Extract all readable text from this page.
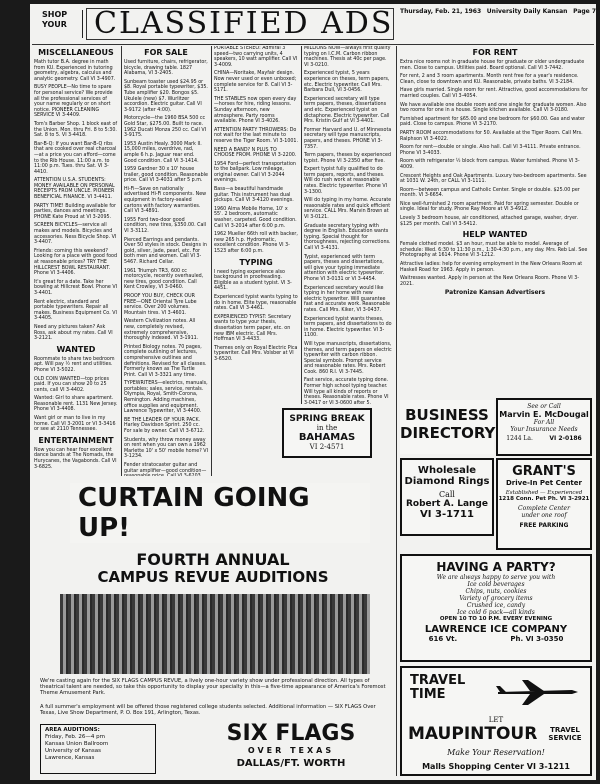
SHOP
YOUR CLASSIFIED ADS Thursday, Feb. 21, 1963 University Daily Kansan Page 7
MISCELLANEOUS

Math tutor B.A. degree in math from KU. Experienced in tutoring geometry, algebra, calculus and analytic geometry. Call VI 3-4907.

BUSY PEOPLE—No time to spare for personal service? We provide all the professional services of your name regularly or on short notice. PIONEER CLEANING SERVICE VI 3-4409.

Tom's Barber Shop. 1 block east of the Union. Mon. thru Fri. 8 to 5:30. Sat. 8 to 5. VI 3-4418.

Bar-B-Q: If you want Bar-B-Q ribs that are cooked over real charcoal—at a price you can afford—come to the Rib House. 11:00 a.m. to 11:00 p.m. Tues. thru Sat. VI 3-4410.

ATTENTION U.S.A. STUDENTS: MONEY AVAILABLE ON PERSONAL RECEIPTS FROM UNCLE. PIONEER BENEFICIAL FINANCE. VI 3-4411.

PARTY TIME! Building available for parties, dances and meetings. PHONE Kate Proud at VI 3-2095.

SCREEN BICYCLES—service all makes and models. Bicycles and accessories. Ness Bicycle Shop. VI 3-4407.

Friends: coming this weekend? Looking for a place with good food at reasonable prices? TRY THE HILLCREST BOWL RESTAURANT. Phone VI 3-4406.

It's great for a date. Take her bowling at Hillcrest Bowl. Phone VI 3-4401.

Rent electric, standard and portable typewriters. Repair all makes. Business Equipment Co. VI 3-4405.

Need any pictures taken? Ask Ross, ask about my rates. Call VI 3-2121.

WANTED

Roommate to share two bedroom apt. Will pay ½ rent and utilities. Phone VI 3-5022.

OLD COIN WANTED—top prices paid. If you can show 20 to 25 cents, call VI 3-4402.

Wanted: Girl to share apartment. Reasonable rent. 1131 New Jersey. Phone VI 3-4408.

Want girl or man to live in my home. Call VI 3-2001 or VI 3-3416 or see at 2110 Tennessee.

ENTERTAINMENT

Now you can hear four excellent dance bands at The Nomads, the Hurycanes, the Vagabonds. Call VI 3-6825.

FOR SALE

Used furniture, chairs, refrigerator, bicycle, drawing table. 1827 Alabama, VI 3-2405.

Sunbeam toaster used $24.95 or $8. Royal portable typewriter, $35. Tube amplifier $20. Bongos $5. Ukulele (new) $7. Wurlitzer accordion. Electric guitar. Call VI 3-9172 (after 4:00).

Motorcycle—the 1960 BSA 500 cc Gold Star, $275.00. Built to race. 1962 Ducati Monza 250 cc. Call VI 3-9175.

1953 Austin Healy. 3000 Mark II. 15,000 miles, overdrive, rad, ample 6 h.p. Jaguar rear end. Good condition. Call VI 3-1414.

1959 Gardner 30 x 10' house trailer, good condition. Reasonable price. Call VI 3-4031 after 5 p.m.

Hi-Fi—Save on nationally advertised Hi-Fi components. New equipment in factory-sealed cartons with factory warranties. Call VI 3-4891.

1955 Ford two-door good condition, new tires, $350.00. Call VI 3-3112.

Pierced Earrings and pendants. Over 50 styles in stock. Designs in gold, silver, jade, pearl, etc. For both men and women. Call VI 3-5467. Richard Cellar.

1961 Triumph TR3, 600 cc motorcycle, recently overhauled, new tires, good condition. Call Kent Crowley, VI 3-0460.

PROOF YOU BUY, CHECK OUR FREE—ONE Oriental Tyre Lube service. Over 200 volumes. Mountain tires. VI 3-4601.

Western Civilization notes. All new, completely revised, extremely comprehensive, thoroughly indexed. VI 3-1911.

Printed Biology notes. 70 pages, complete outlining of lectures, comprehensive outlines and definitions. Revised for all classes. Formerly known as The Turtle Print. Call VI 3-3321 any time.

TYPEWRITERS—electrics, manuals, portables; sales, service, rentals. Olympia, Royal, Smith-Corona, Remington. Adding machines, office supplies and equipment. Lawrence Typewriter, VI 3-4400.

BE THE LEADER OF YOUR PACK. Harley Davidson Sprint. 250 cc. For sale by owner. Call VI 3-6712.

Students, why throw money away on rent when you can own a 1962 Marlette 10' x 50' mobile home? VI 3-1234.

Fender stratocaster guitar and guitar amplifier—good condition—

PORTABLE STEREO: Admiral 3 speed—two carrying units, 4 speakers, 10 watt amplifier. Call VI 3-4009.

CHINA—Noritake, Mayfair design. Now never used or even unboxed; complete service for 8. Call VI 3-5171.

THE STABLES now open every day—horses for hire, riding lessons. Sunday afternoon, new atmosphere. Party rooms available. Phone VI 3-4026.

ATTENTION PARTY THROWERS: Do not wait for the last minute to reserve the Tiger Room. VI 3-1001.

NEED A BAND? N PLUS TO CHOOSE FROM. PHONE VI 3-2200.

1954 Ford—perfect transportation to the ballpark. Low mileage, original owner. Call VI 3-2044 evenings.

Bass—a beautiful handmade guitar. This instrument has dual pickups. Call VI 3-4120 evenings.

1960 Alma Mobile Home, 10' x 55'. 2 bedroom, automatic washer, carpeted. Good condition. Call VI 3-2014 after 6:00 p.m.

1962 Mueller 66th roll with backer, new 265 h.p. Hydromatic, excellent condition. Phone VI 3-1523 after 6:00 p.m.

TYPING

I need typing experience also background in proofreading. Eligible as a student typist. VI 3-4451.

Experienced typist wants typing to do in home. Elite type, reasonable rates. Call VI 3-4461.

EXPERIENCED TYPIST: Secretary wants to type your thesis, dissertation term paper, etc. on new IBM electric. Call Mrs. Hoffman VI 3-4433.

Themes only on Royal Electric Pica typewriter. Call Mrs. Volsber at VI 3-6520.

MILLIONS NOW—always first quality typing on I.C.M. Carbon ribbon machines. Thesis at 40c per page. VI 3-0210.

Experienced typist, 5 years experience on theses, term papers, etc. Electric typewriter. Call Mrs. Barbara Dull, VI 3-0456.

Experienced secretary will type term papers, theses, dissertations and etc. Experienced typist on dictaphone. Electric typewriter. Call Mrs. Kristin Gulf at VI 3-4401.

Former Harvard and U. of Minnesota secretary will type manuscripts, papers, and theses. PHONE VI 3-7357.

Term papers, theses by experienced typist. Phone VI 3-2350 after five.

Expert typist fully qualified to do term papers, reports, and theses. Will do rush work at reasonable rates. Electric typewriter. Phone VI 3-1300.

Will do typing in my home. Accurate reasonable rates and quick efficient service. CALL Mrs. Marvin Brown at VI 3-0121.

Graduate secretary typing with degree in English. Education wants typing. Special thought for thoroughness, rejecting corrections. Call VI 3-4131.

Typist, experienced with term papers, theses and dissertations, will give your typing immediate attention with electric typewriter. Phone VI 3-0131 or VI 3-4454.

Experienced secretary would like typing in her home with new electric typewriter. Will guarantee fast and accurate work. Reasonable rates. Call Mrs. Kiker, VI 3-0437.

Experienced typist wants theses, term papers, and dissertations to do in home. Electric typewriter. VI 3-1100.

Will type manuscripts, dissertations, themes, and term papers on electric typewriter with carbon ribbon. Special symbols. Prompt service and reasonable rates. Mrs. Robert Cook. 860 R.I. VI 3-7445.

Fast service, accurate typing done. Former high school typing teacher. Will type all kinds of reports or theses. Reasonable rates. Phone VI 3-0417 or VI 3-0600 after 5.

FOR RENT

Extra nice rooms not in graduate house for graduate or older undergraduate men. Close to campus. Utilities paid. Board optional. Call VI 3-7442.

For rent, 2 and 3 room apartments. Month rent free for a year's residence. Clean, close to downtown and KU. Reasonable, private baths. VI 3-2184.

Have girls married. Single room for rent. Attractive, good accommodations for married couples. Call VI 3-4054.

We have available one double room and one single for graduate women. Also two rooms for one in a house. Single kitchen available. Call VI 3-0180.

Furnished apartment for $65.00 and one bedroom for $60.00. Gas and water paid. Close to campus. Phone VI 3-2170.

PARTY ROOM accommodations for 50. Available at the Tiger Room. Call Mrs. Ralphson VI 3-4022.

Room for rent—double or single. Also hall. Call VI 3-4111. Private entrance. Phone VI 3-4033.

Room with refrigerator ½ block from campus. Water furnished. Phone VI 3-4009.

Crescent Heights and Oak Apartments. Luxury two-bedroom apartments. See at 1031 W. 24th, or CALL VI 3-1111.

Room—between campus and Catholic Center. Single or double. $25.00 per month. VI 3-6654.

Nice well-furnished 2 room apartment. Paid for spring semester. Double or single. Ideal for study. Phone Ray Moore at VI 3-4912.

Lovely 3 bedroom house, air conditioned, attached garage, washer, dryer. $125 per month. Call VI 3-5412.

HELP WANTED

Female clothed model. $3 an hour, must be able to model. Average of schedule: Wed. 6:30 to 11:30 p.m., 1:30-4:30 p.m., any day. Mrs. Reb Lal. See Photography at 1614. Phone VI 3-1212.

Attractive ladies: help for evening employment in the New Orleans Room at Haskell Road for 1963. Apply in person.

Waitresses wanted. Apply in person at the New Orleans Room. Phone VI 3-2021.

Patronize Kansan Advertisers

SPRING BREAK
in the
BAHAMAS
VI 2-4571
BUSINESS
DIRECTORY
See or Call
Marvin E. McDougal
For All
Your Insurance Needs
1244 La.	VI 2-0186
Wholesale
Diamond Rings
Call
Robert A. Lange
VI 3-1711
GRANT'S
Drive-In Pet Center
Established — Experienced
1218 Conn. Pet Ph. VI 3-2921
Complete Center
under one roof
FREE PARKING
HAVING A PARTY?
We are always happy to serve you with
Ice cold beverages
Chips, nuts, cookies
Variety of grocery items
Crushed ice, candy
Ice cold 6 pack—all kinds
OPEN 10 TO 10 P.M. EVERY EVENING
LAWRENCE ICE COMPANY
616 Vt.	Ph. VI 3-0350
TRAVEL
TIME
LET
MAUPINTOUR	TRAVEL SERVICE
Make Your Reservation!
Malls Shopping Center VI 3-1211
CURTAIN GOING UP!
FOURTH ANNUAL
CAMPUS REVUE AUDITIONS
We're casting again for the SIX FLAGS CAMPUS REVUE, a lively one-hour variety show under professional direction. All types of theatrical talent are needed, so take this opportunity to display your specialty in this—a five-time appearance of America's Foremost Theme Amusement Park.
A full summer's employment will be offered those registered college students selected. Additional information — SIX FLAGS Over Texas, Live Show Department, P. O. Box 191, Arlington, Texas.
AREA AUDITIONS:
Friday, Feb. 26—4 pm
Kansas Union Ballroom
University of Kansas
Lawrence, Kansas
SIX FLAGS
OVER TEXAS
DALLAS/FT. WORTH
